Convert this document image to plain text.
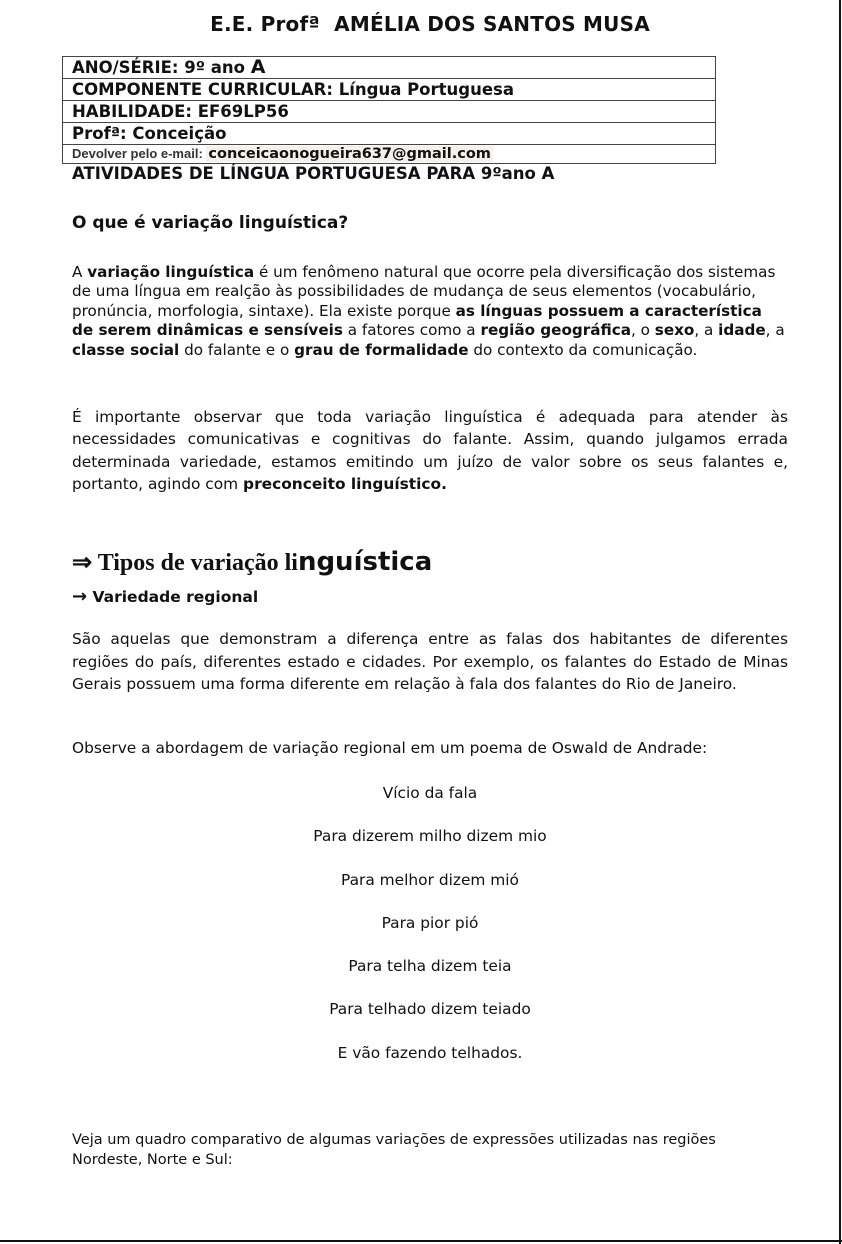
E.E. Profª  AMÉLIA DOS SANTOS MUSA
ANO/SÉRIE: 9º ano A
COMPONENTE CURRICULAR: Língua Portuguesa
HABILIDADE: EF69LP56
Profª: Conceição
Devolver pelo e-mail: conceicaonogueira637@gmail.com
ATIVIDADES DE LÍNGUA PORTUGUESA PARA 9ºano A
O que é variação linguística?
A variação linguística é um fenômeno natural que ocorre pela diversificação dos sistemas de uma língua em realção às possibilidades de mudança de seus elementos (vocabulário, pronúncia, morfologia, sintaxe). Ela existe porque as línguas possuem a característica de serem dinâmicas e sensíveis a fatores como a região geográfica, o sexo, a idade, a classe social do falante e o grau de formalidade do contexto da comunicação.
É importante observar que toda variação linguística é adequada para atender às necessidades comunicativas e cognitivas do falante. Assim, quando julgamos errada determinada variedade, estamos emitindo um juízo de valor sobre os seus falantes e, portanto, agindo com preconceito linguístico.
⇒ Tipos de variação linguística
→ Variedade regional
São aquelas que demonstram a diferença entre as falas dos habitantes de diferentes regiões do país, diferentes estado e cidades. Por exemplo, os falantes do Estado de Minas Gerais possuem uma forma diferente em relação à fala dos falantes do Rio de Janeiro.
Observe a abordagem de variação regional em um poema de Oswald de Andrade:
Vício da fala
Para dizerem milho dizem mio
Para melhor dizem mió
Para pior pió
Para telha dizem teia
Para telhado dizem teiado
E vão fazendo telhados.
Veja um quadro comparativo de algumas variações de expressões utilizadas nas regiões Nordeste, Norte e Sul:
